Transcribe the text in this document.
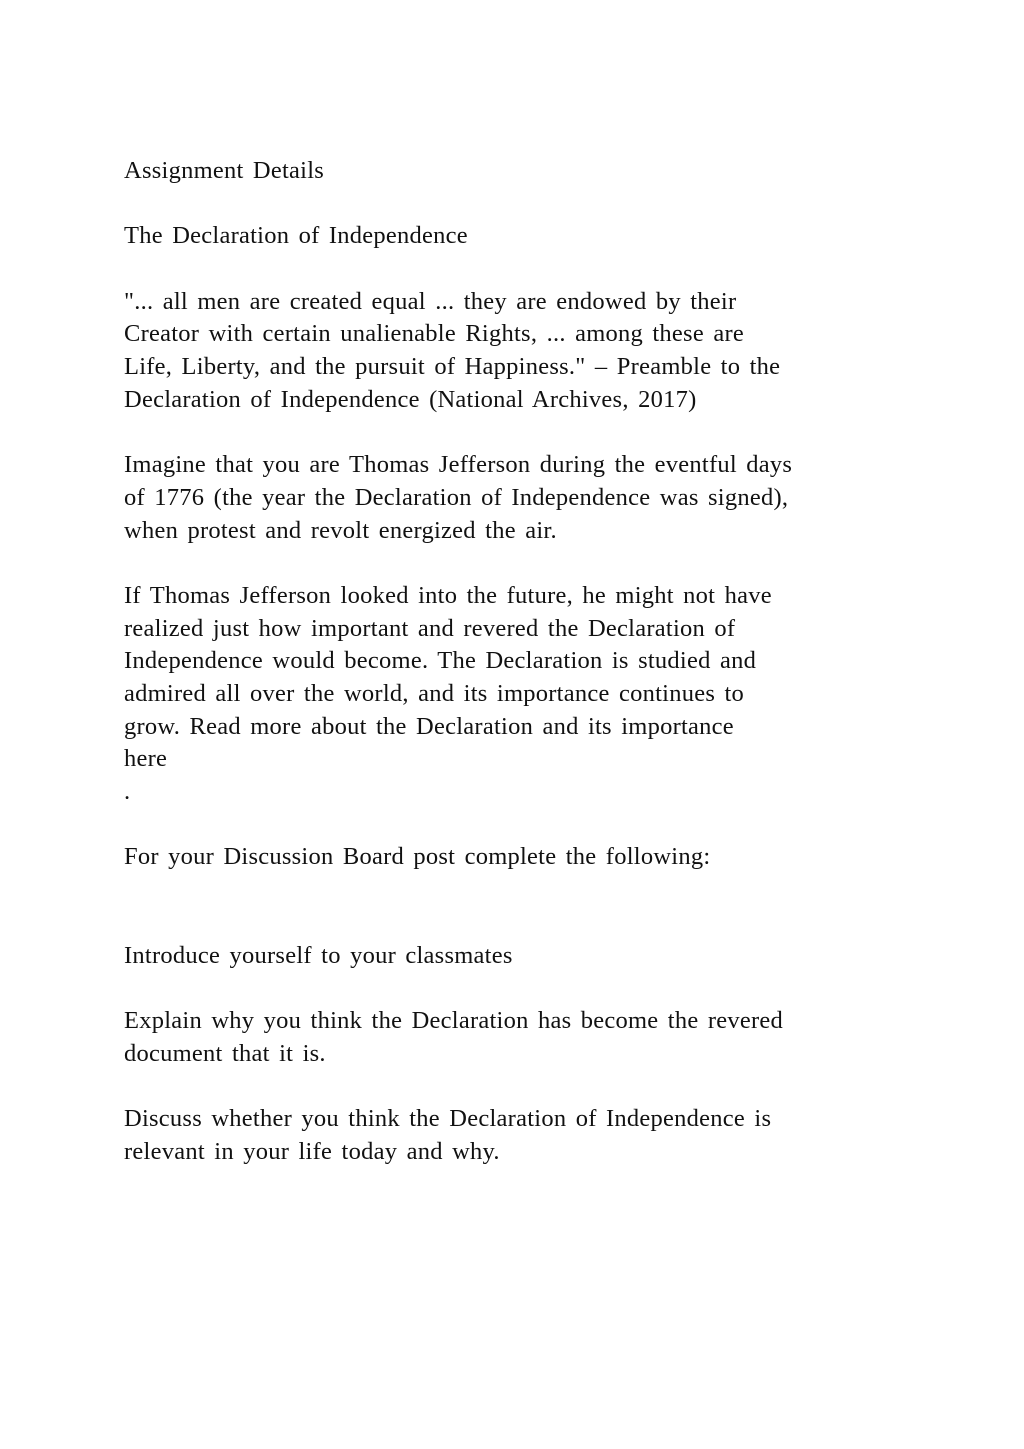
Assignment Details
The Declaration of Independence
"... all men are created equal ... they are endowed by their
Creator with certain unalienable Rights, ... among these are
Life, Liberty, and the pursuit of Happiness." – Preamble to the
Declaration of Independence (National Archives, 2017)
Imagine that you are Thomas Jefferson during the eventful days
of 1776 (the year the Declaration of Independence was signed),
when protest and revolt energized the air.
If Thomas Jefferson looked into the future, he might not have
realized just how important and revered the Declaration of
Independence would become. The Declaration is studied and
admired all over the world, and its importance continues to
grow. Read more about the Declaration and its importance
here
.
For your Discussion Board post complete the following:
Introduce yourself to your classmates
Explain why you think the Declaration has become the revered
document that it is.
Discuss whether you think the Declaration of Independence is
relevant in your life today and why.
